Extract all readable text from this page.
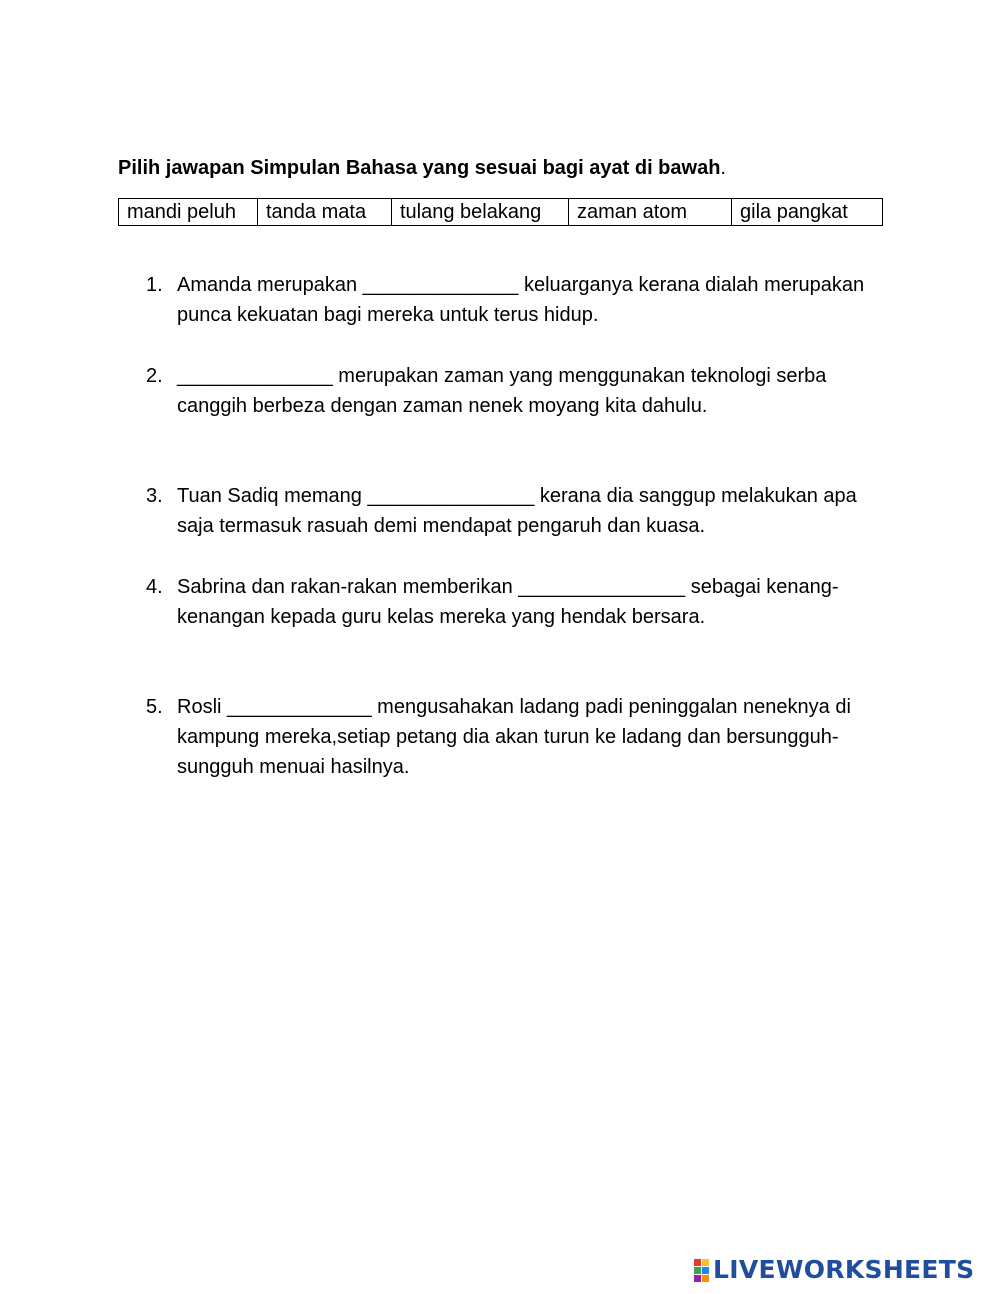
Pilih jawapan Simpulan Bahasa yang sesuai bagi ayat di bawah.
mandi peluh	tanda mata	tulang belakang	zaman atom	gila pangkat
1. Amanda merupakan ______________ keluarganya kerana dialah merupakan punca kekuatan bagi mereka untuk terus hidup.
2. ______________ merupakan zaman yang menggunakan teknologi serba canggih berbeza dengan zaman nenek moyang kita dahulu.
3. Tuan Sadiq memang _______________ kerana dia sanggup melakukan apa saja termasuk rasuah demi mendapat pengaruh dan kuasa.
4. Sabrina dan rakan-rakan memberikan _______________ sebagai kenang-kenangan kepada guru kelas mereka yang hendak bersara.
5. Rosli _____________ mengusahakan ladang padi peninggalan neneknya di kampung mereka,setiap petang dia akan turun ke ladang dan bersungguh-sungguh menuai hasilnya.
LIVEWORKSHEETS
